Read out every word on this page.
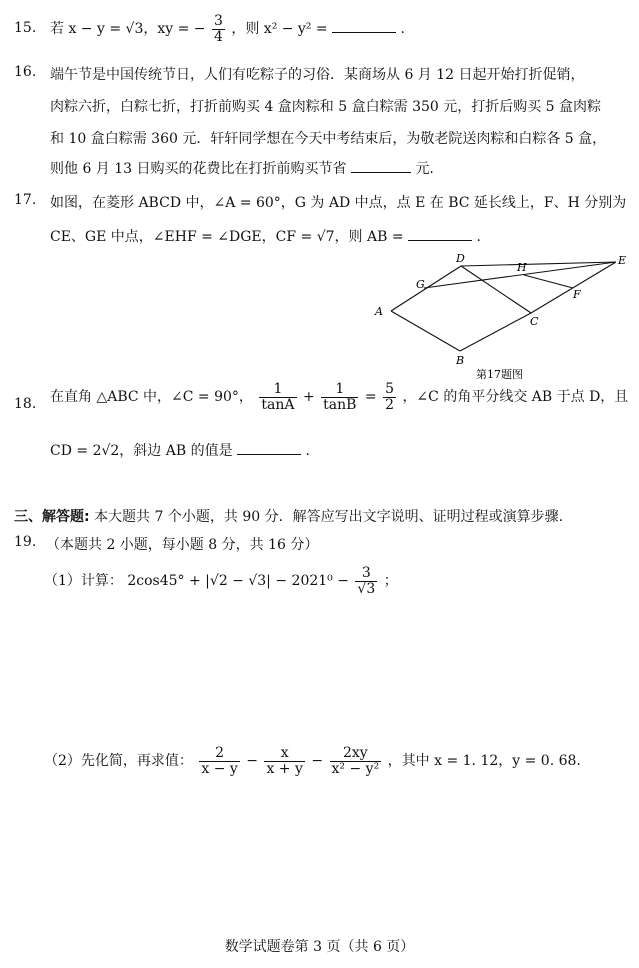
15. 若 x − y = √3，xy = − $\frac{3}{4}$ ，则 x² − y² =	.
16. 端午节是中国传统节日，人们有吃粽子的习俗．某商场从 6 月 12 日起开始打折促销，
肉粽六折，白粽七折，打折前购买 4 盒肉粽和 5 盒白粽需 350 元，打折后购买 5 盒肉粽
和 10 盒白粽需 360 元．轩轩同学想在今天中考结束后，为敬老院送肉粽和白粽各 5 盒，
则他 6 月 13 日购买的花费比在打折前购买节省	元.
17. 如图，在菱形 ABCD 中，∠A = 60°，G 为 AD 中点，点 E 在 BC 延长线上，F、H 分别为
CE、GE 中点，∠EHF = ∠DGE，CF = √7，则 AB =	.
A
B
C
D	E
F
G
H
第17题图
18. 在直角 △ABC 中，∠C = 90°， $\frac{1}{\tan A} + \frac{1}{\tan B} = \frac{5}{2}$ ，∠C 的角平分线交 AB 于点 D，且
CD = 2√2，斜边 AB 的值是	.
三、解答题: 本大题共 7 个小题，共 90 分．解答应写出文字说明、证明过程或演算步骤.
19. （本题共 2 小题，每小题 8 分，共 16 分）
（1）计算： $2\cos 45^\circ + |√2 - √3| - 2021^0 - \frac{3}{√3}$ ；
（2）先化简，再求值： $\frac{2}{x - y} - \frac{x}{x + y} - \frac{2xy}{\text{x² − y²}}$ ，其中 x = 1. 12，y = 0. 68.
数学试题卷第 3 页（共 6 页）
